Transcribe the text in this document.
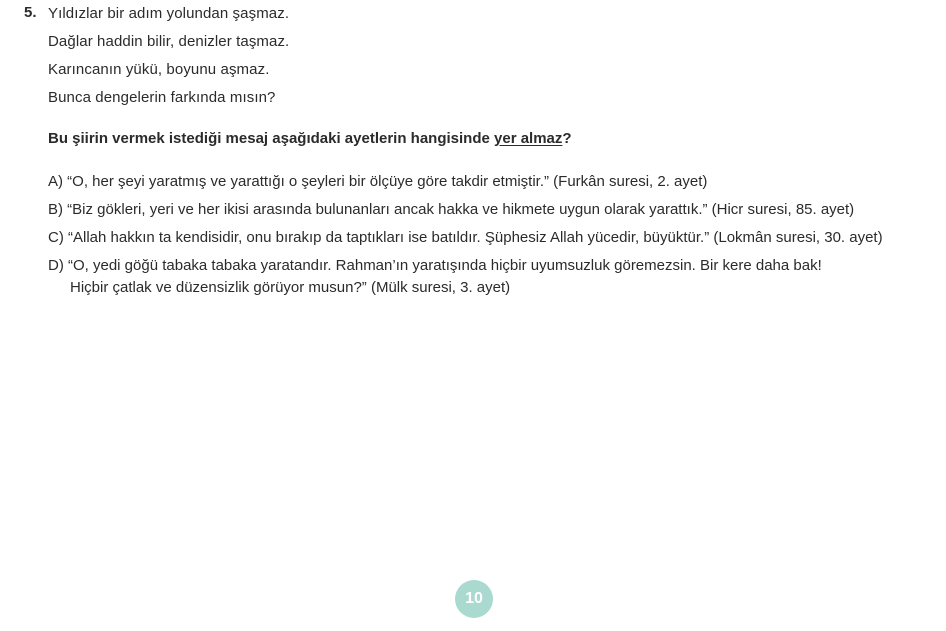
5. Yıldızlar bir adım yolundan şaşmaz.
Dağlar haddin bilir, denizler taşmaz.
Karıncanın yükü, boyunu aşmaz.
Bunca dengelerin farkında mısın?
Bu şiirin vermek istediği mesaj aşağıdaki ayetlerin hangisinde yer almaz?
A) “O, her şeyi yaratmış ve yarattığı o şeyleri bir ölçüye göre takdir etmiştir.” (Furkân suresi, 2. ayet)
B) “Biz gökleri, yeri ve her ikisi arasında bulunanları ancak hakka ve hikmete uygun olarak yarattık.” (Hicr suresi, 85. ayet)
C) “Allah hakkın ta kendisidir, onu bırakıp da taptıkları ise batıldır. Şüphesiz Allah yücedir, büyüktür.” (Lokmân suresi, 30. ayet)
D) “O, yedi göğü tabaka tabaka yaratandır. Rahman’ın yaratışında hiçbir uyumsuzluk göremezsin. Bir kere daha bak!
Hiçbir çatlak ve düzensizlik görüyor musun?” (Mülk suresi, 3. ayet)
10
